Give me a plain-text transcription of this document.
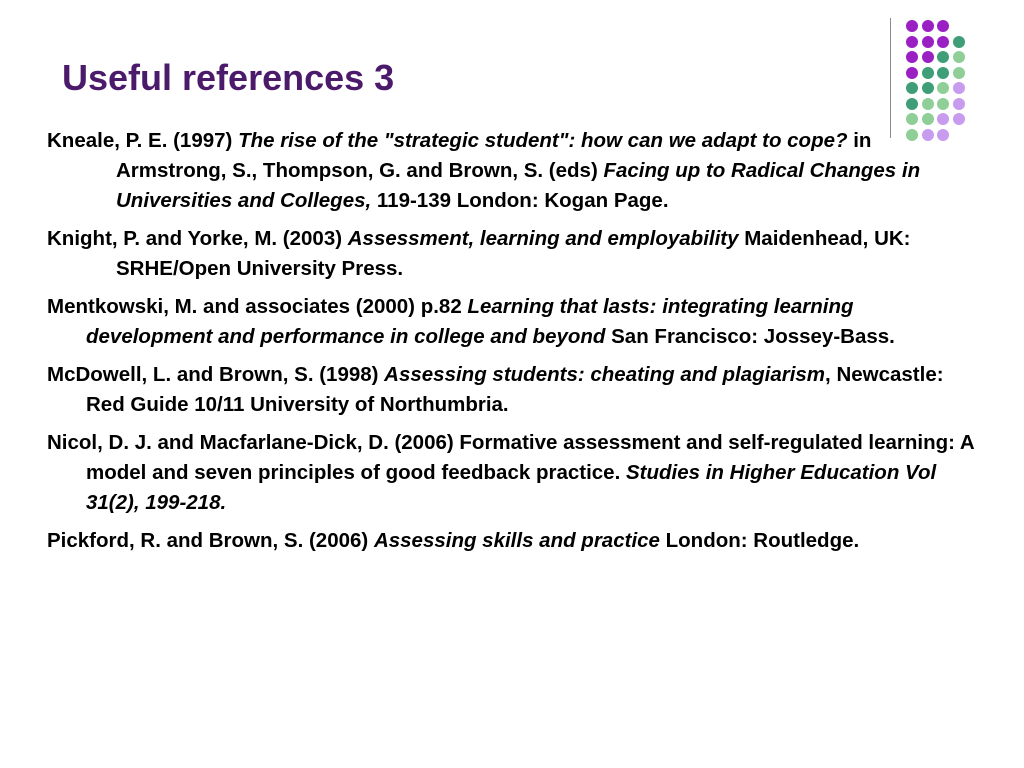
Useful references 3

Kneale, P. E. (1997) The rise of the "strategic student": how can we adapt to cope? in Armstrong, S., Thompson, G. and Brown, S. (eds) Facing up to Radical Changes in Universities and Colleges, 119-139 London: Kogan Page.

Knight, P. and Yorke, M. (2003) Assessment, learning and employability Maidenhead, UK: SRHE/Open University Press.

Mentkowski, M. and associates (2000) p.82 Learning that lasts: integrating learning development and performance in college and beyond San Francisco: Jossey-Bass.

McDowell, L. and Brown, S. (1998) Assessing students: cheating and plagiarism, Newcastle: Red Guide 10/11 University of Northumbria.

Nicol, D. J. and Macfarlane-Dick, D. (2006) Formative assessment and self-regulated learning: A model and seven principles of good feedback practice. Studies in Higher Education Vol 31(2), 199-218.

Pickford, R. and Brown, S. (2006) Assessing skills and practice London: Routledge.
